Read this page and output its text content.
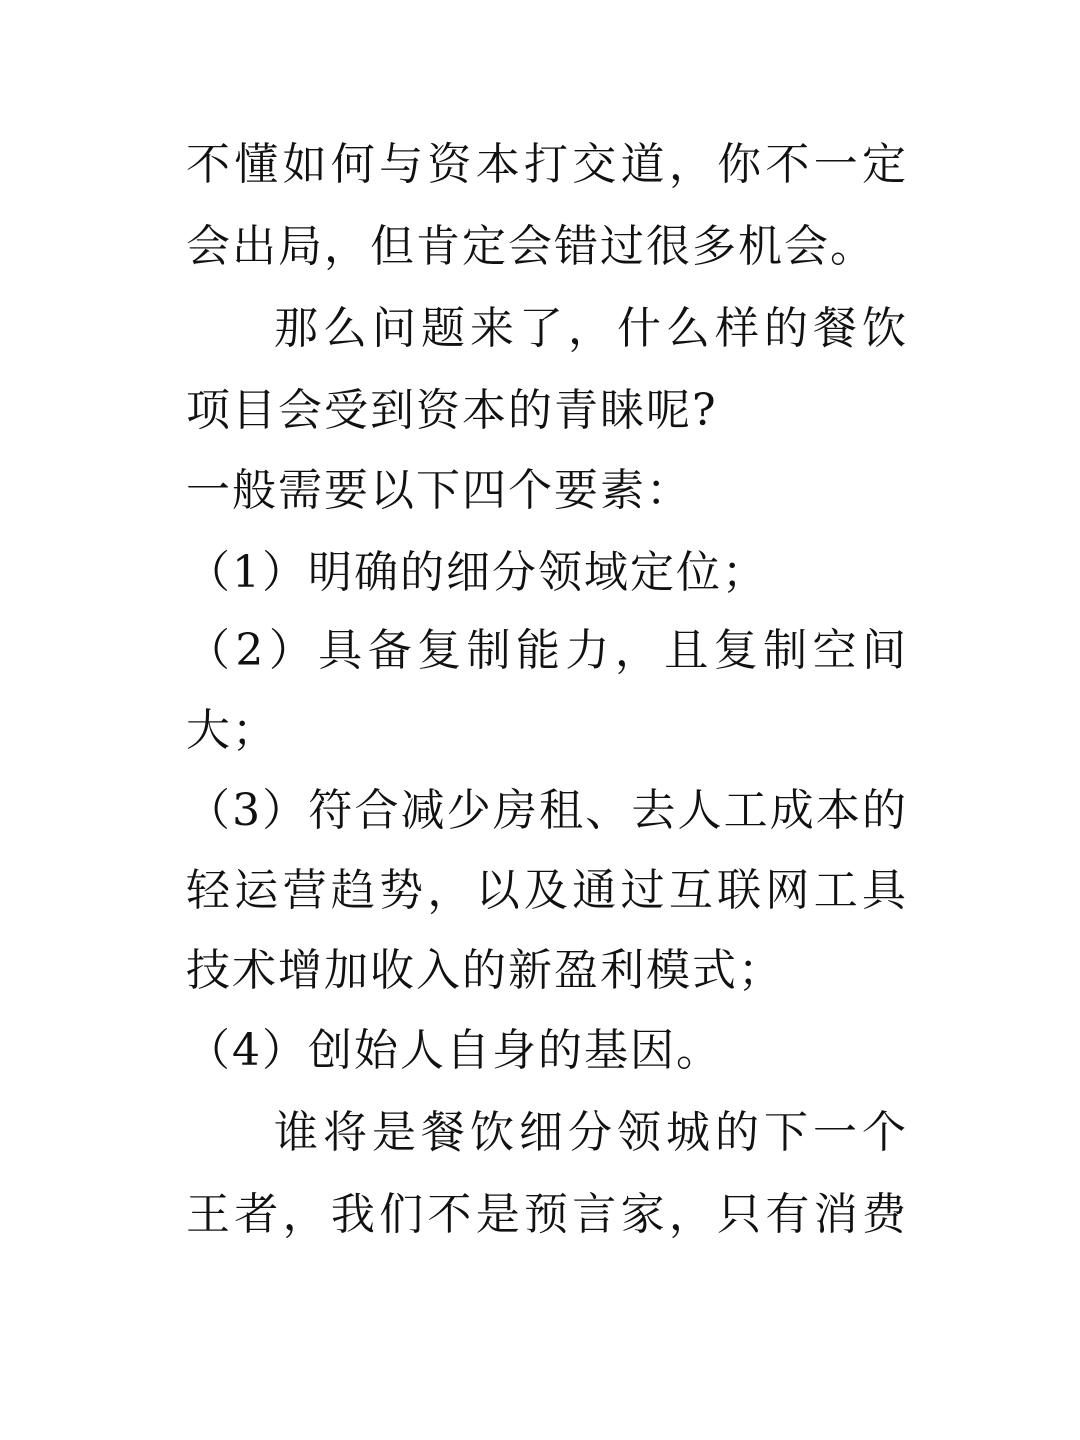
不懂如何与资本打交道，你不一定
会出局，但肯定会错过很多机会。
那么问题来了，什么样的餐饮
项目会受到资本的青睐呢?
一般需要以下四个要素：
（1）明确的细分领域定位；
（2）具备复制能力，且复制空间
大；
（3）符合减少房租、去人工成本的
轻运营趋势，以及通过互联网工具
技术增加收入的新盈利模式；
（4）创始人自身的基因。
谁将是餐饮细分领城的下一个
王者，我们不是预言家，只有消费
